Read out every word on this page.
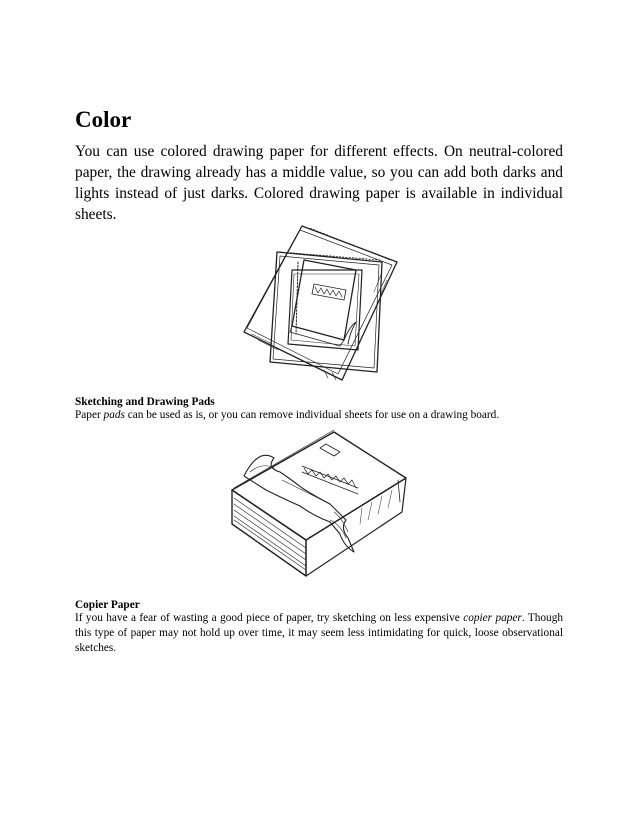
Color

You can use colored drawing paper for different effects. On neutral-colored paper, the drawing already has a middle value, so you can add both darks and lights instead of just darks. Colored drawing paper is available in individual sheets.

Sketching and Drawing Pads

Paper pads can be used as is, or you can remove individual sheets for use on a drawing board.

Copier Paper

If you have a fear of wasting a good piece of paper, try sketching on less expensive copier paper. Though this type of paper may not hold up over time, it may seem less intimidating for quick, loose observational sketches.
